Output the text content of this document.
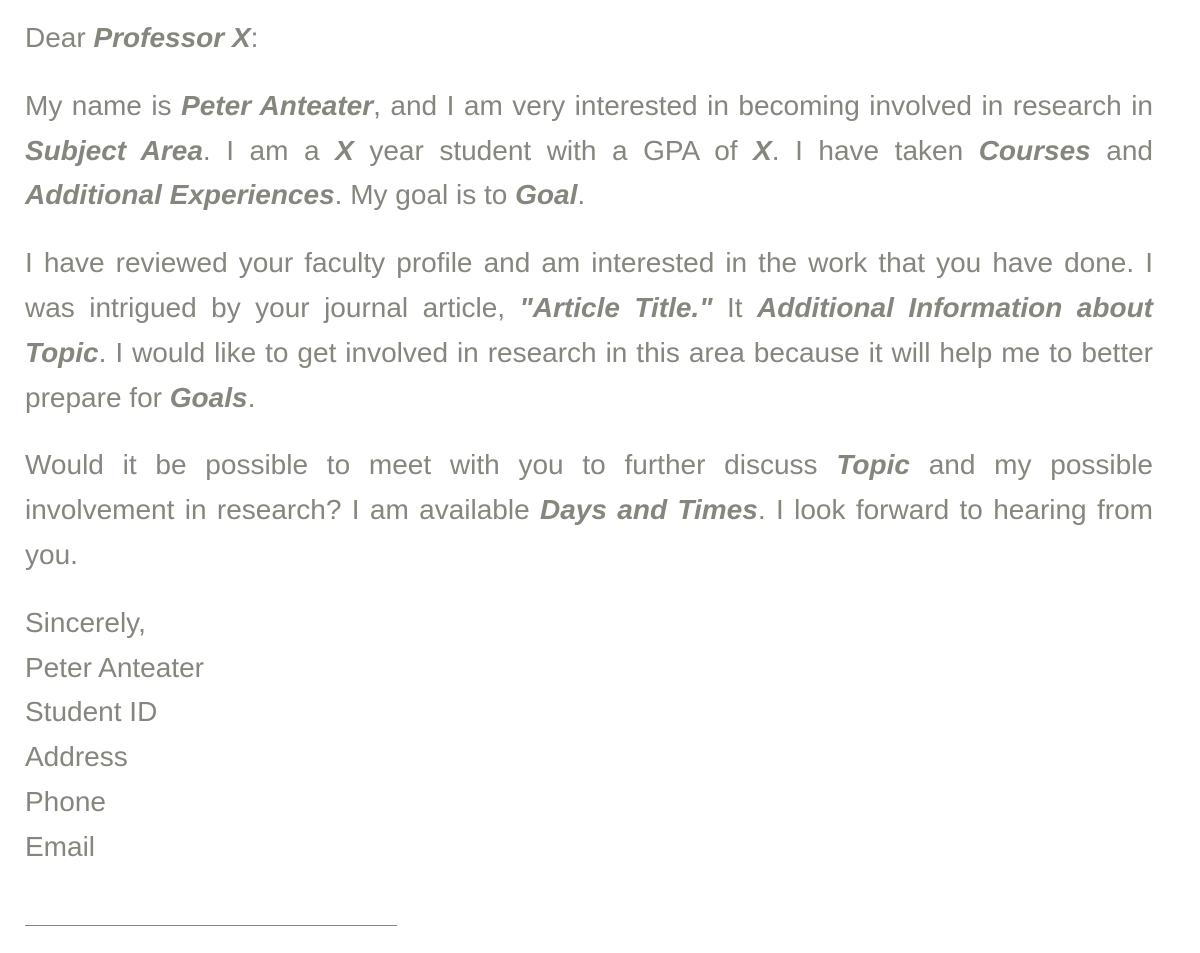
Dear Professor X:

My name is Peter Anteater, and I am very interested in becoming involved in research in Subject Area. I am a X year student with a GPA of X. I have taken Courses and Additional Experiences. My goal is to Goal.

I have reviewed your faculty profile and am interested in the work that you have done. I was intrigued by your journal article, "Article Title." It Additional Information about Topic. I would like to get involved in research in this area because it will help me to better prepare for Goals.

Would it be possible to meet with you to further discuss Topic and my possible involvement in research? I am available Days and Times. I look forward to hearing from you.

Sincerely,
Peter Anteater
Student ID
Address
Phone
Email
